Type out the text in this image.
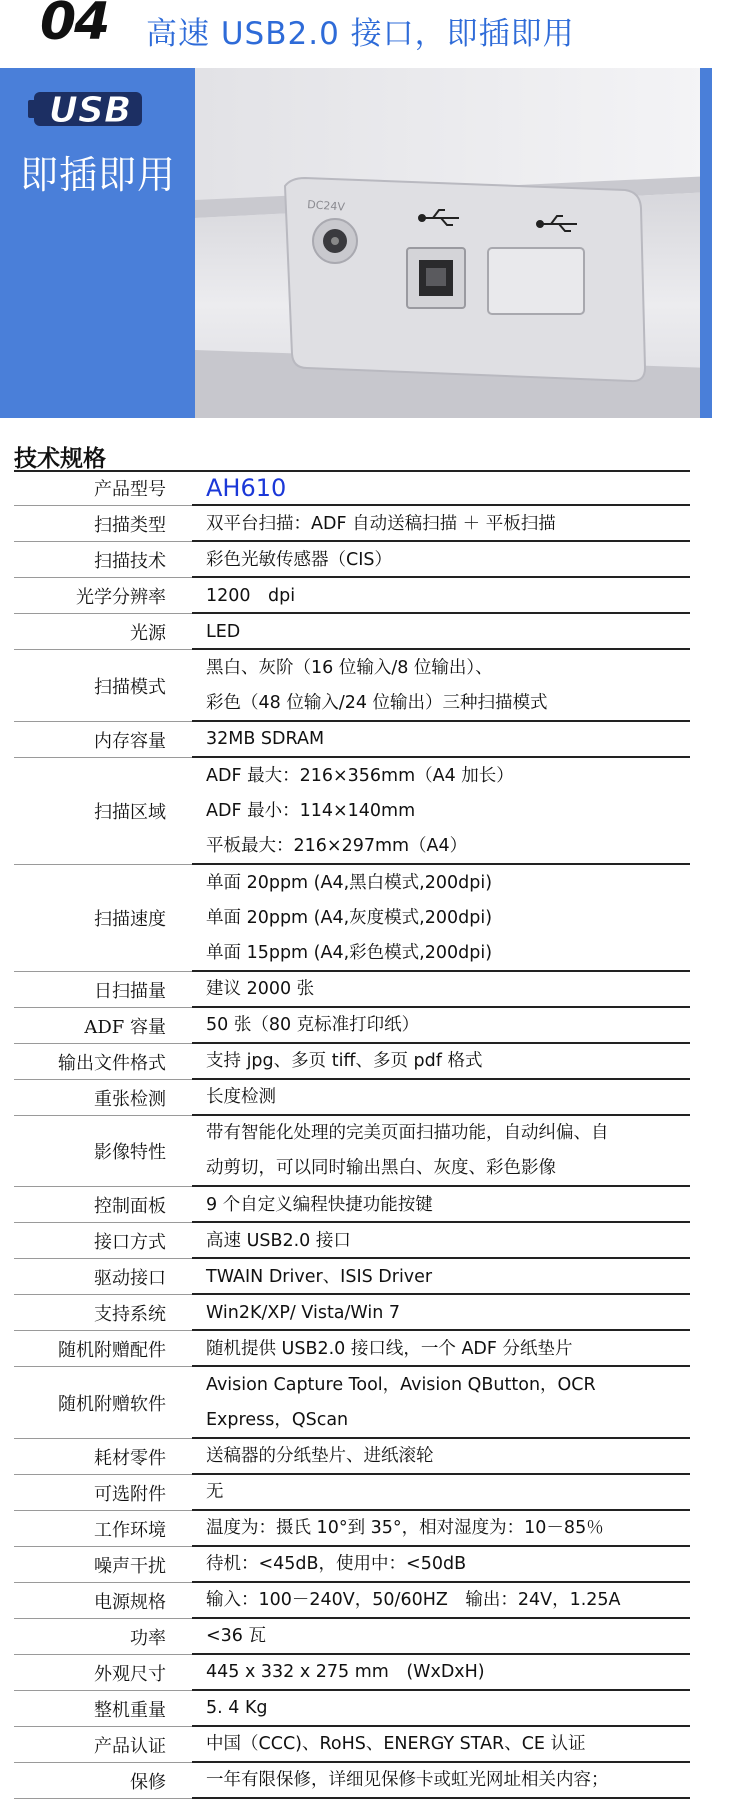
04 高速 USB2.0 接口，即插即用
USB
即插即用
DC24V
技术规格
产品型号 AH610
扫描类型 双平台扫描：ADF 自动送稿扫描 ＋ 平板扫描
扫描技术 彩色光敏传感器（CIS）
光学分辨率 1200　dpi
光源 LED
扫描模式
黑白、灰阶（16 位输入/8 位输出）、
彩色（48 位输入/24 位输出）三种扫描模式
内存容量 32MB SDRAM
扫描区域
ADF 最大：216×356mm（A4 加长）
ADF 最小：114×140mm
平板最大：216×297mm（A4）
扫描速度
单面 20ppm (A4,黑白模式,200dpi)
单面 20ppm (A4,灰度模式,200dpi)
单面 15ppm (A4,彩色模式,200dpi)
日扫描量 建议 2000 张
ADF 容量 50 张（80 克标准打印纸）
输出文件格式 支持 jpg、多页 tiff、多页 pdf 格式
重张检测 长度检测
影像特性
带有智能化处理的完美页面扫描功能，自动纠偏、自
动剪切，可以同时输出黑白、灰度、彩色影像
控制面板 9 个自定义编程快捷功能按键
接口方式 高速 USB2.0 接口
驱动接口 TWAIN Driver、ISIS Driver
支持系统 Win2K/XP/ Vista/Win 7
随机附赠配件 随机提供 USB2.0 接口线，一个 ADF 分纸垫片
随机附赠软件
Avision Capture Tool，Avision QButton，OCR
Express，QScan
耗材零件 送稿器的分纸垫片、进纸滚轮
可选附件 无
工作环境 温度为：摄氏 10°到 35°，相对湿度为：10－85％
噪声干扰 待机：<45dB，使用中：<50dB
电源规格 输入：100－240V，50/60HZ　输出：24V，1.25A
功率 <36 瓦
外观尺寸 445 x 332 x 275 mm　(WxDxH)
整机重量 5. 4 Kg
产品认证 中国（CCC)、RoHS、ENERGY STAR、CE 认证
保修 一年有限保修，详细见保修卡或虹光网址相关内容；
